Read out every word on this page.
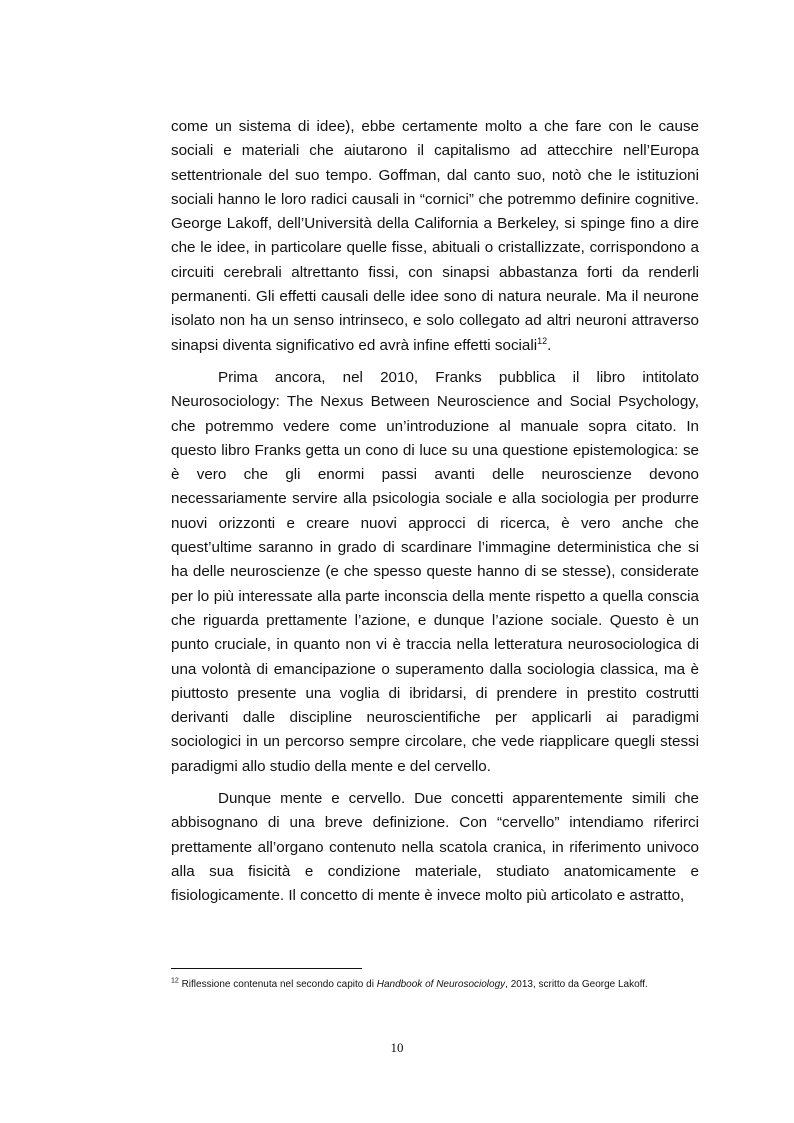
come un sistema di idee), ebbe certamente molto a che fare con le cause sociali e materiali che aiutarono il capitalismo ad attecchire nell’Europa settentrionale del suo tempo. Goffman, dal canto suo, notò che le istituzioni sociali hanno le loro radici causali in “cornici” che potremmo definire cognitive. George Lakoff, dell’Università della California a Berkeley, si spinge fino a dire che le idee, in particolare quelle fisse, abituali o cristallizzate, corrispondono a circuiti cerebrali altrettanto fissi, con sinapsi abbastanza forti da renderli permanenti. Gli effetti causali delle idee sono di natura neurale. Ma il neurone isolato non ha un senso intrinseco, e solo collegato ad altri neuroni attraverso sinapsi diventa significativo ed avrà infine effetti sociali$^{12}$.

Prima ancora, nel 2010, Franks pubblica il libro intitolato Neurosociology: The Nexus Between Neuroscience and Social Psychology, che potremmo vedere come un’introduzione al manuale sopra citato. In questo libro Franks getta un cono di luce su una questione epistemologica: se è vero che gli enormi passi avanti delle neuroscienze devono necessariamente servire alla psicologia sociale e alla sociologia per produrre nuovi orizzonti e creare nuovi approcci di ricerca, è vero anche che quest’ultime saranno in grado di scardinare l’immagine deterministica che si ha delle neuroscienze (e che spesso queste hanno di se stesse), considerate per lo più interessate alla parte inconscia della mente rispetto a quella conscia che riguarda prettamente l’azione, e dunque l’azione sociale. Questo è un punto cruciale, in quanto non vi è traccia nella letteratura neurosociologica di una volontà di emancipazione o superamento dalla sociologia classica, ma è piuttosto presente una voglia di ibridarsi, di prendere in prestito costrutti derivanti dalle discipline neuroscientifiche per applicarli ai paradigmi sociologici in un percorso sempre circolare, che vede riapplicare quegli stessi paradigmi allo studio della mente e del cervello.

Dunque mente e cervello. Due concetti apparentemente simili che abbisognano di una breve definizione. Con “cervello” intendiamo riferirci prettamente all’organo contenuto nella scatola cranica, in riferimento univoco alla sua fisicità e condizione materiale, studiato anatomicamente e fisiologicamente. Il concetto di mente è invece molto più articolato e astratto,

$^{12}$ Riflessione contenuta nel secondo capito di Handbook of Neurosociology, 2013, scritto da George Lakoff.
10
